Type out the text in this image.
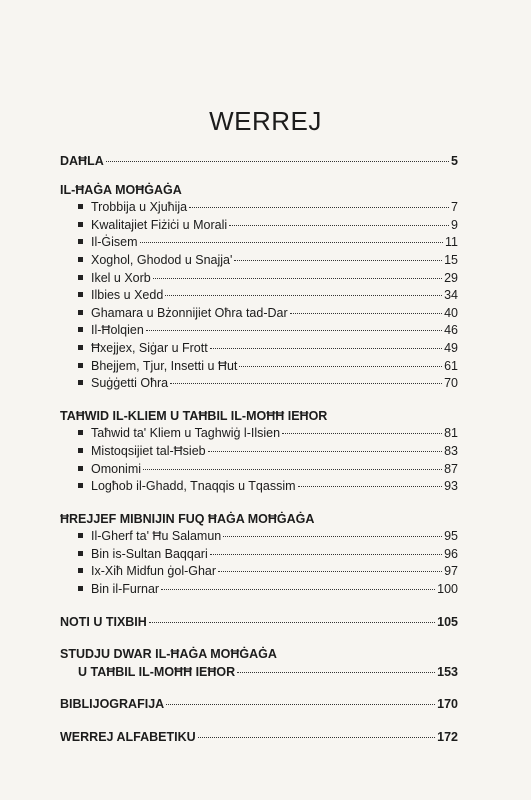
WERREJ
DAĦLA	5
IL-ĦAĠA MOĦĠAĠA
Trobbija u Xjuħija	7
Kwalitajiet Fiżiċi u Morali	9
Il-Ġisem	11
Xoghol, Ghodod u Snajja'	15
Ikel u Xorb	29
Ilbies u Xedd	34
Ghamara u Bżonnijiet Oħra tad-Dar	40
Il-Ħolqien	46
Ħxejjex, Siġar u Frott	49
Bhejjem, Tjur, Insetti u Ħut	61
Suġġetti Oħra	70
TAĦWID IL-KLIEM U TAĦBIL IL-MOĦĦ IEĦOR
Taħwid ta' Kliem u Taghwiġ l-Ilsien	81
Mistoqsijiet tal-Ħsieb	83
Omonimi	87
Logħob il-Ghadd, Tnaqqis u Tqassim	93
ĦREJJEF MIBNIJIN FUQ ĦAĠA MOĦĠAĠA
Il-Gherf ta' Ħu Salamun	95
Bin is-Sultan Baqqari	96
Ix-Xiħ Midfun ġol-Ghar	97
Bin il-Furnar	100
NOTI U TIXBIH	105
STUDJU DWAR IL-ĦAĠA MOĦĠAĠA
U TAĦBIL IL-MOĦĦ IEĦOR	153
BIBLIJOGRAFIJA	170
WERREJ ALFABETIKU	172
